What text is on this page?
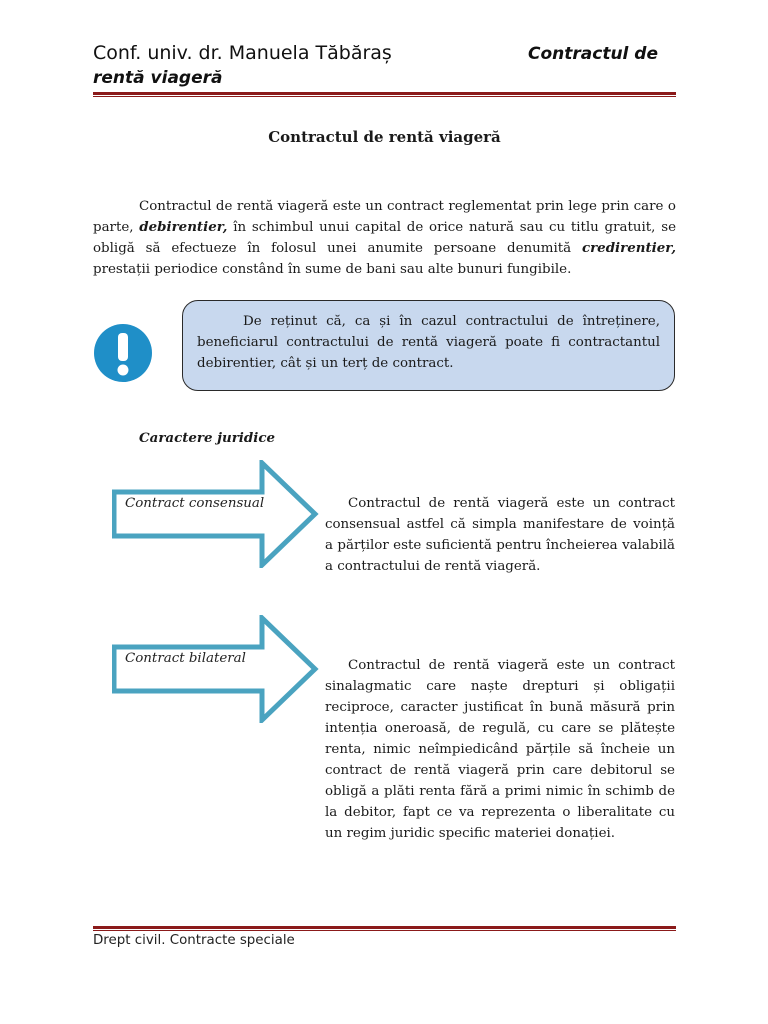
Conf. univ. dr. Manuela Tăbăraș	Contractul de
rentă viageră
Contractul de rentă viageră

Contractul de rentă viageră este un contract reglementat prin lege prin care o parte, debirentier, în schimbul unui capital de orice natură sau cu titlu gratuit, se obligă să efectueze în folosul unei anumite persoane denumită credirentier, prestații periodice constând în sume de bani sau alte bunuri fungibile.

De reținut că, ca și în cazul contractului de întreținere, beneficiarul contractului de rentă viageră poate fi contractantul debirentier, cât și un terț de contract.

Caractere juridice
Contract consensual	Contractul de rentă viageră este un contract consensual astfel că simpla manifestare de voință a părților este suficientă pentru încheierea valabilă a contractului de rentă viageră.

Contract bilateral	Contractul de rentă viageră este un contract sinalagmatic care naște drepturi și obligații reciproce, caracter justificat în bună măsură prin intenția oneroasă, de regulă, cu care se plătește renta, nimic neîmpiedicând părțile să încheie un contract de rentă viageră prin care debitorul se obligă a plăti renta fără a primi nimic în schimb de la debitor, fapt ce va reprezenta o liberalitate cu un regim juridic specific materiei donației.

Drept civil. Contracte speciale
